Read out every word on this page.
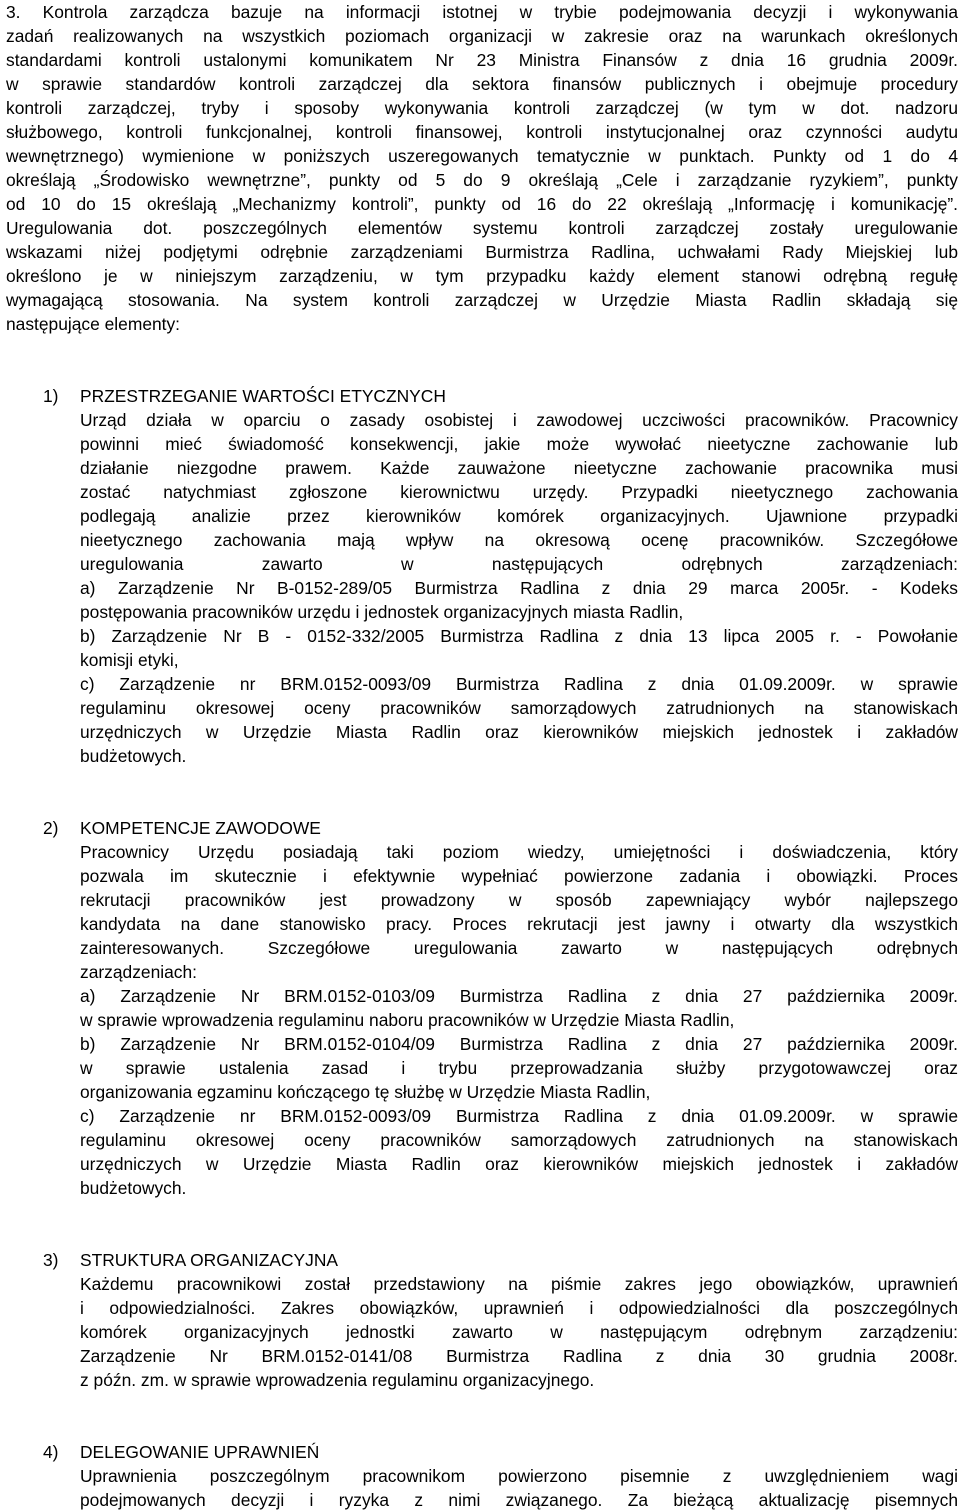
3. Kontrola zarządcza bazuje na informacji istotnej w trybie podejmowania decyzji i wykonywania
zadań realizowanych na wszystkich poziomach organizacji w zakresie oraz na warunkach określonych
standardami kontroli ustalonymi komunikatem Nr 23 Ministra Finansów z dnia 16 grudnia 2009r.
w sprawie standardów kontroli zarządczej dla sektora finansów publicznych i obejmuje procedury
kontroli zarządczej, tryby i sposoby wykonywania kontroli zarządczej (w tym w dot. nadzoru
służbowego, kontroli funkcjonalnej, kontroli finansowej, kontroli instytucjonalnej oraz czynności audytu
wewnętrznego) wymienione w poniższych uszeregowanych tematycznie w punktach. Punkty od 1 do 4
określają „Środowisko wewnętrzne”, punkty od 5 do 9 określają „Cele i zarządzanie ryzykiem”, punkty
od 10 do 15 określają „Mechanizmy kontroli”, punkty od 16 do 22 określają „Informację i komunikację”.
Uregulowania dot. poszczególnych elementów systemu kontroli zarządczej zostały uregulowanie
wskazami niżej podjętymi odrębnie zarządzeniami Burmistrza Radlina, uchwałami Rady Miejskiej lub
określono je w niniejszym zarządzeniu, w tym przypadku każdy element stanowi odrębną regułę
wymagającą stosowania. Na system kontroli zarządczej w Urzędzie Miasta Radlin składają się
następujące elementy:
1) PRZESTRZEGANIE WARTOŚCI ETYCZNYCH
Urząd działa w oparciu o zasady osobistej i zawodowej uczciwości pracowników. Pracownicy
powinni mieć świadomość konsekwencji, jakie może wywołać nieetyczne zachowanie lub
działanie niezgodne prawem. Każde zauważone nieetyczne zachowanie pracownika musi
zostać natychmiast zgłoszone kierownictwu urzędy. Przypadki nieetycznego zachowania
podlegają analizie przez kierowników komórek organizacyjnych. Ujawnione przypadki
nieetycznego zachowania mają wpływ na okresową ocenę pracowników. Szczegółowe
uregulowania zawarto w następujących odrębnych zarządzeniach:
a) Zarządzenie Nr B-0152-289/05 Burmistrza Radlina z dnia 29 marca 2005r. - Kodeks
postępowania pracowników urzędu i jednostek organizacyjnych miasta Radlin,
b) Zarządzenie Nr B - 0152-332/2005 Burmistrza Radlina z dnia 13 lipca 2005 r. - Powołanie
komisji etyki,
c) Zarządzenie nr BRM.0152-0093/09 Burmistrza Radlina z dnia 01.09.2009r. w sprawie
regulaminu okresowej oceny pracowników samorządowych zatrudnionych na stanowiskach
urzędniczych w Urzędzie Miasta Radlin oraz kierowników miejskich jednostek i zakładów
budżetowych.
2) KOMPETENCJE ZAWODOWE
Pracownicy Urzędu posiadają taki poziom wiedzy, umiejętności i doświadczenia, który
pozwala im skutecznie i efektywnie wypełniać powierzone zadania i obowiązki. Proces
rekrutacji pracowników jest prowadzony w sposób zapewniający wybór najlepszego
kandydata na dane stanowisko pracy. Proces rekrutacji jest jawny i otwarty dla wszystkich
zainteresowanych. Szczegółowe uregulowania zawarto w następujących odrębnych
zarządzeniach:
a) Zarządzenie Nr BRM.0152-0103/09 Burmistrza Radlina z dnia 27 października 2009r.
w sprawie wprowadzenia regulaminu naboru pracowników w Urzędzie Miasta Radlin,
b) Zarządzenie Nr BRM.0152-0104/09 Burmistrza Radlina z dnia 27 października 2009r.
w sprawie ustalenia zasad i trybu przeprowadzania służby przygotowawczej oraz
organizowania egzaminu kończącego tę służbę w Urzędzie Miasta Radlin,
c) Zarządzenie nr BRM.0152-0093/09 Burmistrza Radlina z dnia 01.09.2009r. w sprawie
regulaminu okresowej oceny pracowników samorządowych zatrudnionych na stanowiskach
urzędniczych w Urzędzie Miasta Radlin oraz kierowników miejskich jednostek i zakładów
budżetowych.
3) STRUKTURA ORGANIZACYJNA
Każdemu pracownikowi został przedstawiony na piśmie zakres jego obowiązków, uprawnień
i odpowiedzialności. Zakres obowiązków, uprawnień i odpowiedzialności dla poszczególnych
komórek organizacyjnych jednostki zawarto w następującym odrębnym zarządzeniu:
Zarządzenie Nr BRM.0152-0141/08 Burmistrza Radlina z dnia 30 grudnia 2008r.
z późn. zm. w sprawie wprowadzenia regulaminu organizacyjnego.
4) DELEGOWANIE UPRAWNIEŃ
Uprawnienia poszczególnym pracownikom powierzono pisemnie z uwzględnieniem wagi
podejmowanych decyzji i ryzyka z nimi związanego. Za bieżącą aktualizację pisemnych
